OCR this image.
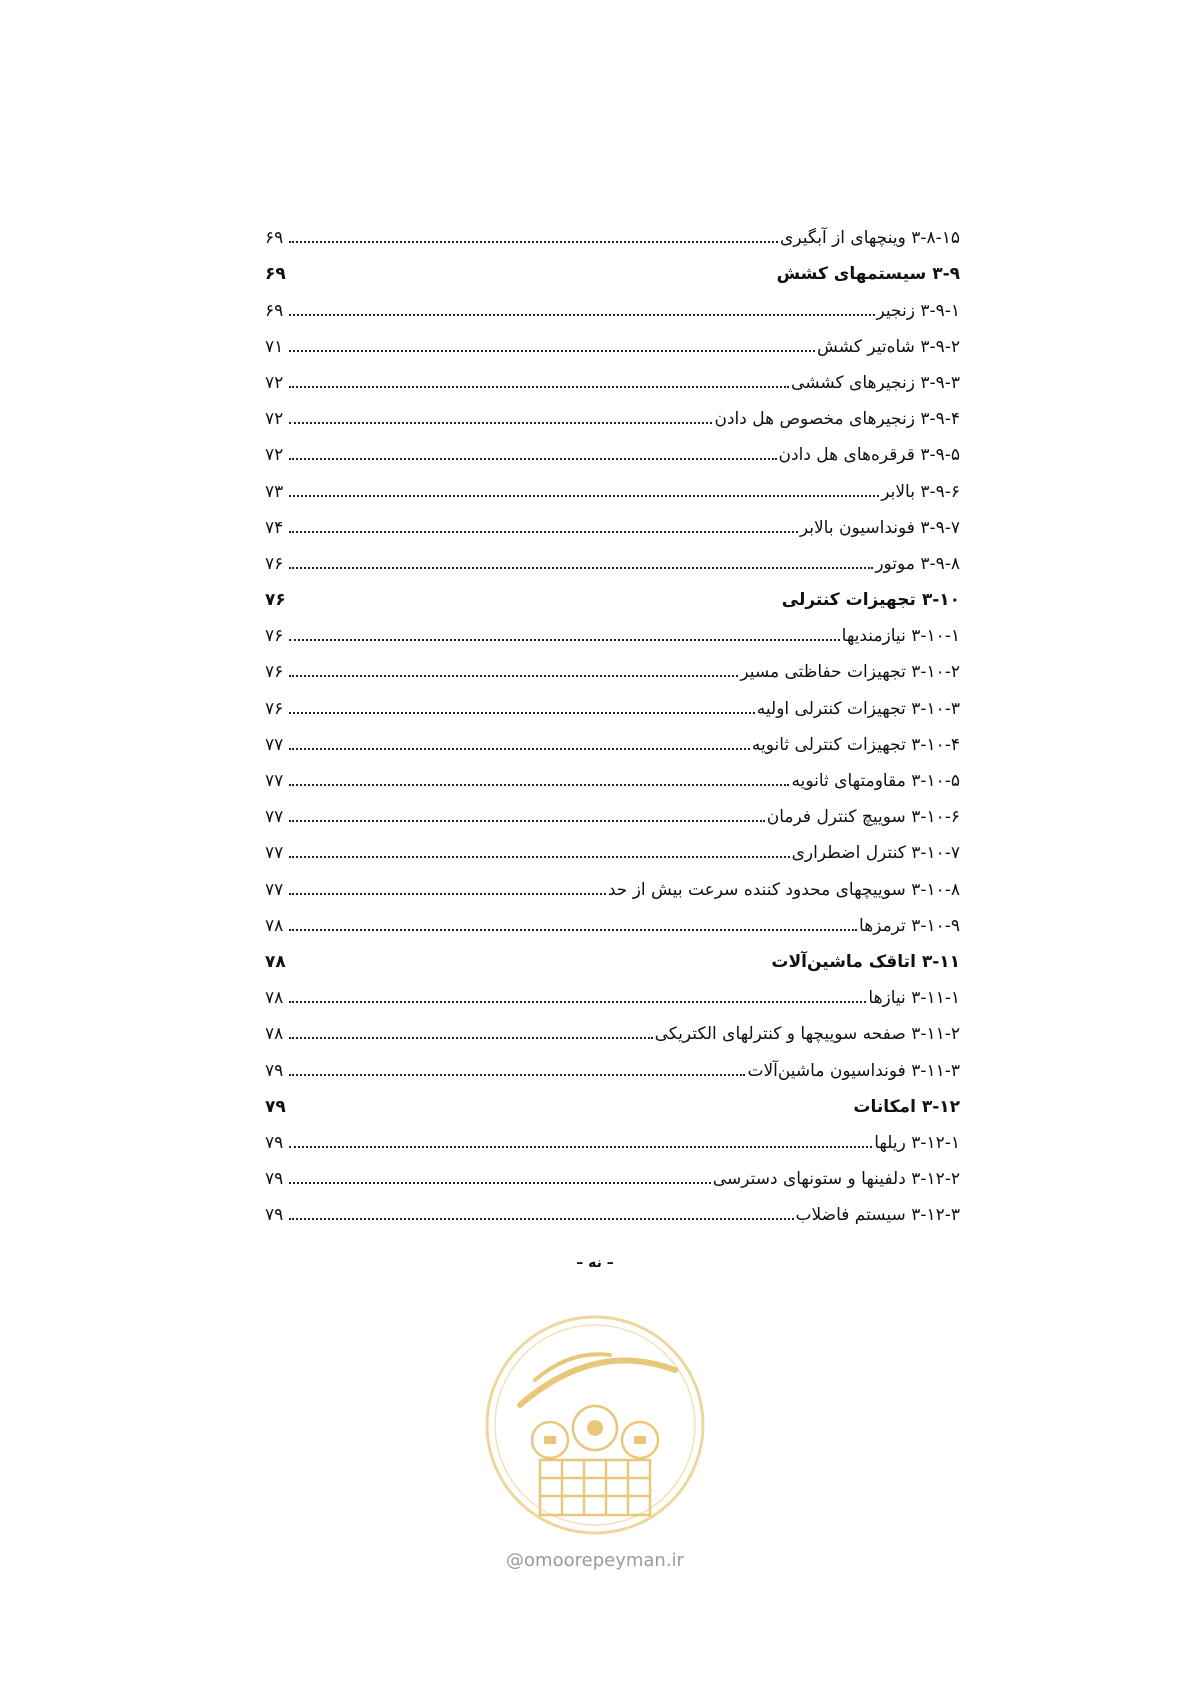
۳-۸-۱۵ وینچهای از آبگیری
۶۹
۳-۹ سیستمهای کشش
۶۹
۳-۹-۱ زنجیر
۶۹
۳-۹-۲ شاه‌تیر کشش
۷۱
۳-۹-۳ زنجیرهای کششی
۷۲
۳-۹-۴ زنجیرهای مخصوص هل دادن
۷۲
۳-۹-۵ قرقره‌های هل دادن
۷۲
۳-۹-۶ بالابر
۷۳
۳-۹-۷ فونداسیون بالابر
۷۴
۳-۹-۸ موتور
۷۶
۳-۱۰ تجهیزات کنترلی
۷۶
۳-۱۰-۱ نیازمندیها
۷۶
۳-۱۰-۲ تجهیزات حفاظتی مسیر
۷۶
۳-۱۰-۳ تجهیزات کنترلی اولیه
۷۶
۳-۱۰-۴ تجهیزات کنترلی ثانویه
۷۷
۳-۱۰-۵ مقاومتهای ثانویه
۷۷
۳-۱۰-۶ سوییچ کنترل فرمان
۷۷
۳-۱۰-۷ کنترل اضطراری
۷۷
۳-۱۰-۸ سوییچهای محدود کننده سرعت بیش از حد
۷۷
۳-۱۰-۹ ترمزها
۷۸
۳-۱۱ اتاقک ماشین‌آلات
۷۸
۳-۱۱-۱ نیازها
۷۸
۳-۱۱-۲ صفحه سوییچها و کنترلهای الکتریکی
۷۸
۳-۱۱-۳ فونداسیون ماشین‌آلات
۷۹
۳-۱۲ امکانات
۷۹
۳-۱۲-۱ ریلها
۷۹
۳-۱۲-۲ دلفینها و ستونهای دسترسی
۷۹
۳-۱۲-۳ سیستم فاضلاب
۷۹
– نه –
@omoorepeyman.ir
